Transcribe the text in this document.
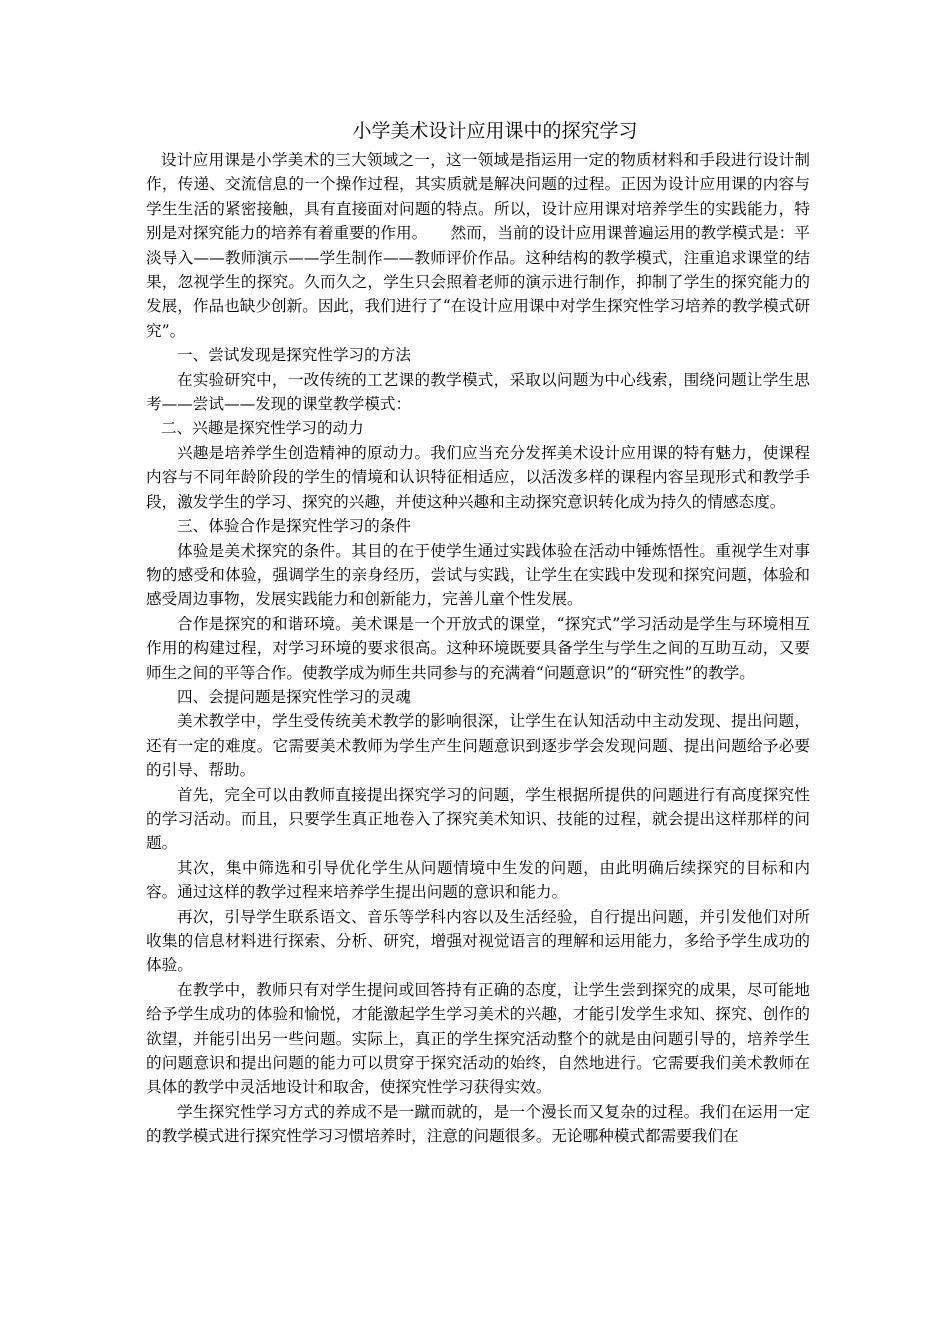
小学美术设计应用课中的探究学习

设计应用课是小学美术的三大领域之一，这一领域是指运用一定的物质材料和手段进行设计制作，传递、交流信息的一个操作过程，其实质就是解决问题的过程。正因为设计应用课的内容与学生生活的紧密接触，具有直接面对问题的特点。所以，设计应用课对培养学生的实践能力，特别是对探究能力的培养有着重要的作用。　　然而，当前的设计应用课普遍运用的教学模式是：平淡导入——教师演示——学生制作——教师评价作品。这种结构的教学模式，注重追求课堂的结果，忽视学生的探究。久而久之，学生只会照着老师的演示进行制作，抑制了学生的探究能力的发展，作品也缺少创新。因此，我们进行了“在设计应用课中对学生探究性学习培养的教学模式研究”。

一、尝试发现是探究性学习的方法

在实验研究中，一改传统的工艺课的教学模式，采取以问题为中心线索，围绕问题让学生思考——尝试——发现的课堂教学模式：

二、兴趣是探究性学习的动力

兴趣是培养学生创造精神的原动力。我们应当充分发挥美术设计应用课的特有魅力，使课程内容与不同年龄阶段的学生的情境和认识特征相适应，以活泼多样的课程内容呈现形式和教学手段，激发学生的学习、探究的兴趣，并使这种兴趣和主动探究意识转化成为持久的情感态度。

三、体验合作是探究性学习的条件

体验是美术探究的条件。其目的在于使学生通过实践体验在活动中锤炼悟性。重视学生对事物的感受和体验，强调学生的亲身经历，尝试与实践，让学生在实践中发现和探究问题，体验和感受周边事物，发展实践能力和创新能力，完善儿童个性发展。

合作是探究的和谐环境。美术课是一个开放式的课堂，“探究式”学习活动是学生与环境相互作用的构建过程，对学习环境的要求很高。这种环境既要具备学生与学生之间的互助互动，又要师生之间的平等合作。使教学成为师生共同参与的充满着“问题意识”的“研究性”的教学。

四、会提问题是探究性学习的灵魂

美术教学中，学生受传统美术教学的影响很深，让学生在认知活动中主动发现、提出问题，还有一定的难度。它需要美术教师为学生产生问题意识到逐步学会发现问题、提出问题给予必要的引导、帮助。

首先，完全可以由教师直接提出探究学习的问题，学生根据所提供的问题进行有高度探究性的学习活动。而且，只要学生真正地卷入了探究美术知识、技能的过程，就会提出这样那样的问题。

其次，集中筛选和引导优化学生从问题情境中生发的问题，由此明确后续探究的目标和内容。通过这样的教学过程来培养学生提出问题的意识和能力。

再次，引导学生联系语文、音乐等学科内容以及生活经验，自行提出问题，并引发他们对所收集的信息材料进行探索、分析、研究，增强对视觉语言的理解和运用能力，多给予学生成功的体验。

在教学中，教师只有对学生提问或回答持有正确的态度，让学生尝到探究的成果，尽可能地给予学生成功的体验和愉悦，才能激起学生学习美术的兴趣，才能引发学生求知、探究、创作的欲望，并能引出另一些问题。实际上，真正的学生探究活动整个的就是由问题引导的，培养学生的问题意识和提出问题的能力可以贯穿于探究活动的始终，自然地进行。它需要我们美术教师在具体的教学中灵活地设计和取舍，使探究性学习获得实效。

学生探究性学习方式的养成不是一蹴而就的，是一个漫长而又复杂的过程。我们在运用一定的教学模式进行探究性学习习惯培养时，注意的问题很多。无论哪种模式都需要我们在
